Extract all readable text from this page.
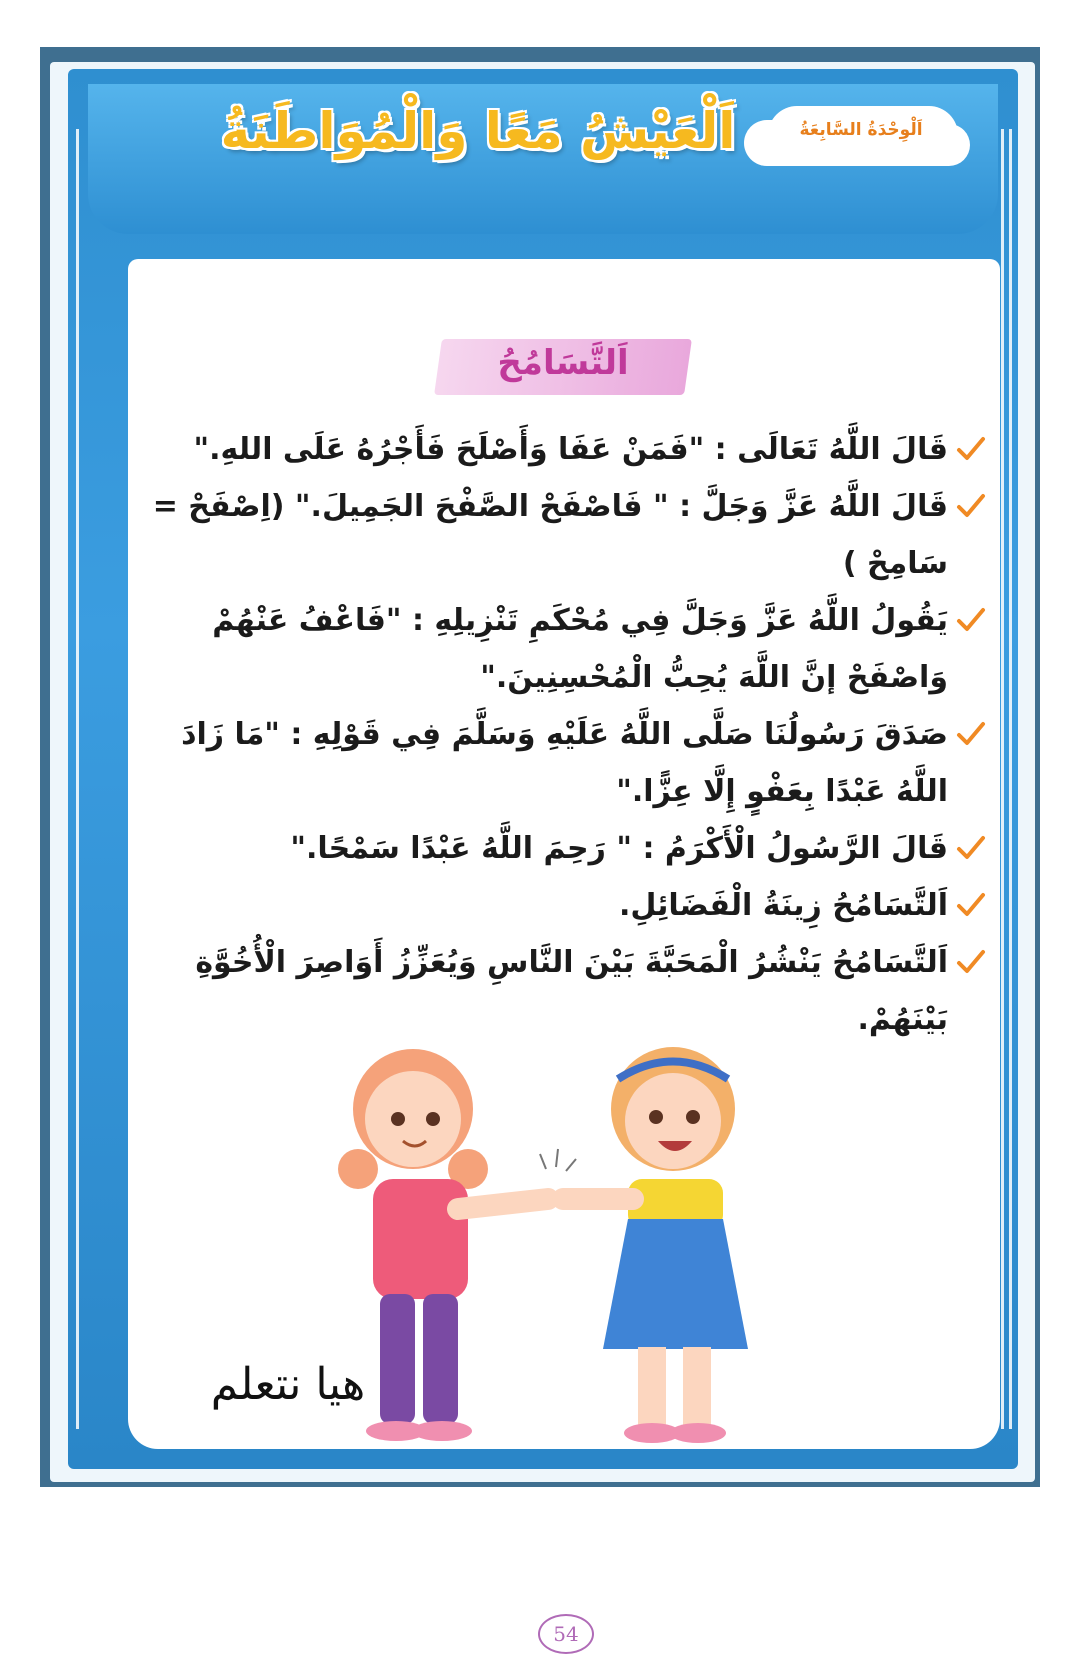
اَلْوِحْدَةُ السَّابِعَةُ
اَلْعَيْشُ مَعًا وَالْمُوَاطَنَةُ
اَلتَّسَامُحُ
قَالَ اللَّهُ تَعَالَى : "فَمَنْ عَفَا وَأَصْلَحَ فَأَجْرُهُ عَلَى اللهِ."
قَالَ اللَّهُ عَزَّ وَجَلَّ : " فَاصْفَحْ الصَّفْحَ الجَمِيلَ." (اِصْفَحْ = سَامِحْ )
يَقُولُ اللَّهُ عَزَّ وَجَلَّ فِي مُحْكَمِ تَنْزِيلِهِ : "فَاعْفُ عَنْهُمْ وَاصْفَحْ إنَّ اللَّهَ يُحِبُّ الْمُحْسِنِينَ."
صَدَقَ رَسُولُنَا صَلَّى اللَّهُ عَلَيْهِ وَسَلَّمَ فِي قَوْلِهِ : "مَا زَادَ اللَّهُ عَبْدًا بِعَفْوٍ إِلَّا عِزًّا."
قَالَ الرَّسُولُ الْأَكْرَمُ : " رَحِمَ اللَّهُ عَبْدًا سَمْحًا."
اَلتَّسَامُحُ زِينَةُ الْفَضَائِلِ.
اَلتَّسَامُحُ يَنْشُرُ الْمَحَبَّةَ بَيْنَ النَّاسِ وَيُعَزِّزُ أَوَاصِرَ الْأُخُوَّةِ بَيْنَهُمْ.
هيا نتعلم
54
